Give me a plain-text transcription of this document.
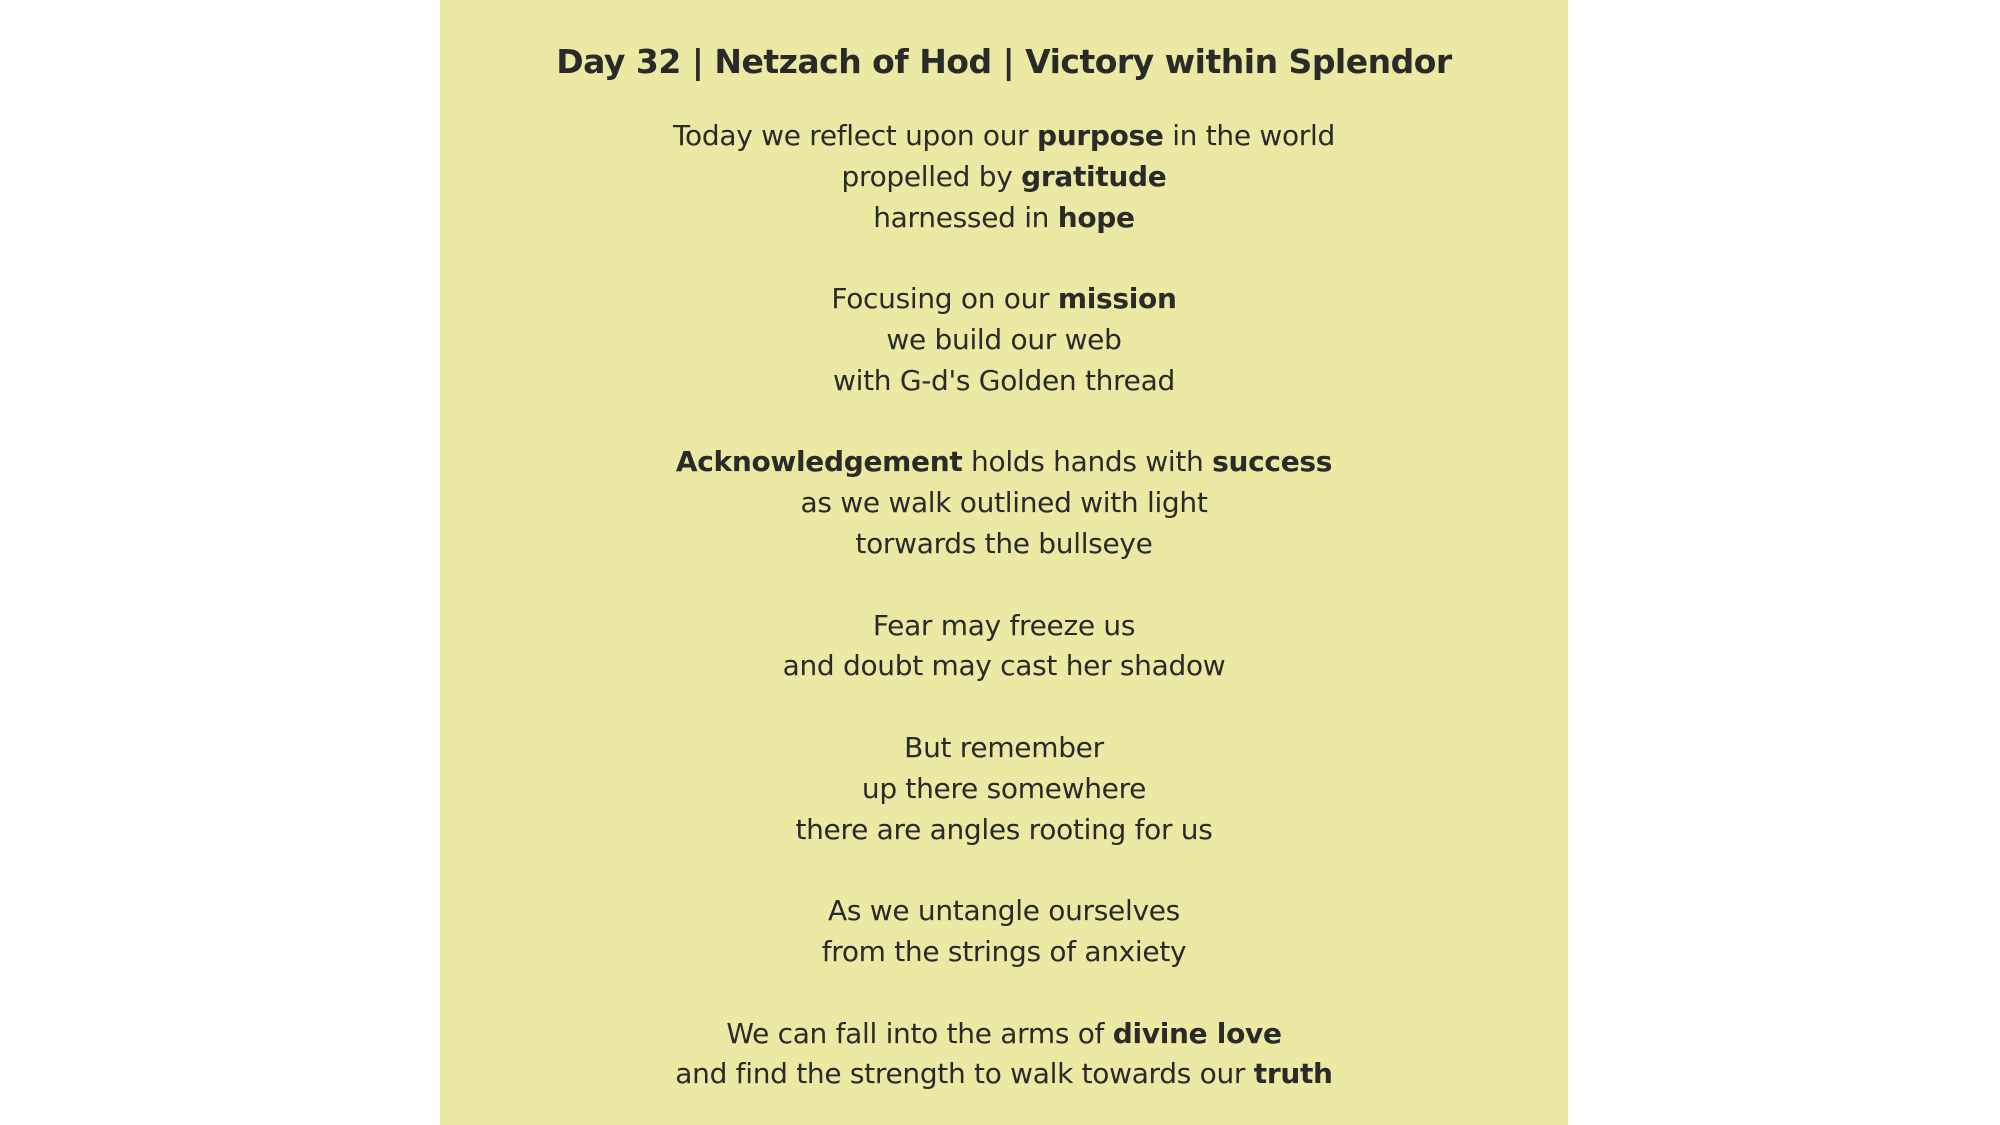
Day 32 | Netzach of Hod | Victory within Splendor

Today we reflect upon our purpose in the world
propelled by gratitude
harnessed in hope

Focusing on our mission
we build our web
with G-d's Golden thread

Acknowledgement holds hands with success
as we walk outlined with light
torwards the bullseye

Fear may freeze us
and doubt may cast her shadow

But remember
up there somewhere
there are angles rooting for us

As we untangle ourselves
from the strings of anxiety

We can fall into the arms of divine love
and find the strength to walk towards our truth
